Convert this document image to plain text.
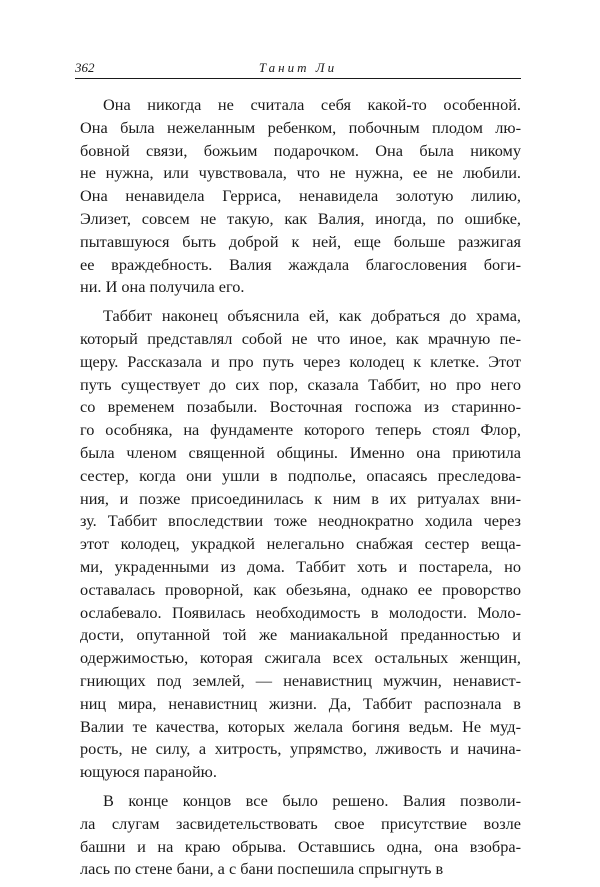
362	Танит Ли
Она никогда не считала себя какой-то особенной.
Она была нежеланным ребенком, побочным плодом лю-
бовной связи, божьим подарочком. Она была никому
не нужна, или чувствовала, что не нужна, ее не любили.
Она ненавидела Герриса, ненавидела золотую лилию,
Элизет, совсем не такую, как Валия, иногда, по ошибке,
пытавшуюся быть доброй к ней, еще больше разжигая
ее враждебность. Валия жаждала благословения боги-
ни. И она получила его.
Таббит наконец объяснила ей, как добраться до храма,
который представлял собой не что иное, как мрачную пе-
щеру. Рассказала и про путь через колодец к клетке. Этот
путь существует до сих пор, сказала Таббит, но про него
со временем позабыли. Восточная госпожа из старинно-
го особняка, на фундаменте которого теперь стоял Флор,
была членом священной общины. Именно она приютила
сестер, когда они ушли в подполье, опасаясь преследова-
ния, и позже присоединилась к ним в их ритуалах вни-
зу. Таббит впоследствии тоже неоднократно ходила через
этот колодец, украдкой нелегально снабжая сестер веща-
ми, украденными из дома. Таббит хоть и постарела, но
оставалась проворной, как обезьяна, однако ее проворство
ослабевало. Появилась необходимость в молодости. Моло-
дости, опутанной той же маниакальной преданностью и
одержимостью, которая сжигала всех остальных женщин,
гниющих под землей, — ненавистниц мужчин, ненавист-
ниц мира, ненавистниц жизни. Да, Таббит распознала в
Валии те качества, которых желала богиня ведьм. Не муд-
рость, не силу, а хитрость, упрямство, лживость и начина-
ющуюся паранойю.
В конце концов все было решено. Валия позволи-
ла слугам засвидетельствовать свое присутствие возле
башни и на краю обрыва. Оставшись одна, она взобра-
лась по стене бани, а с бани поспешила спрыгнуть в
